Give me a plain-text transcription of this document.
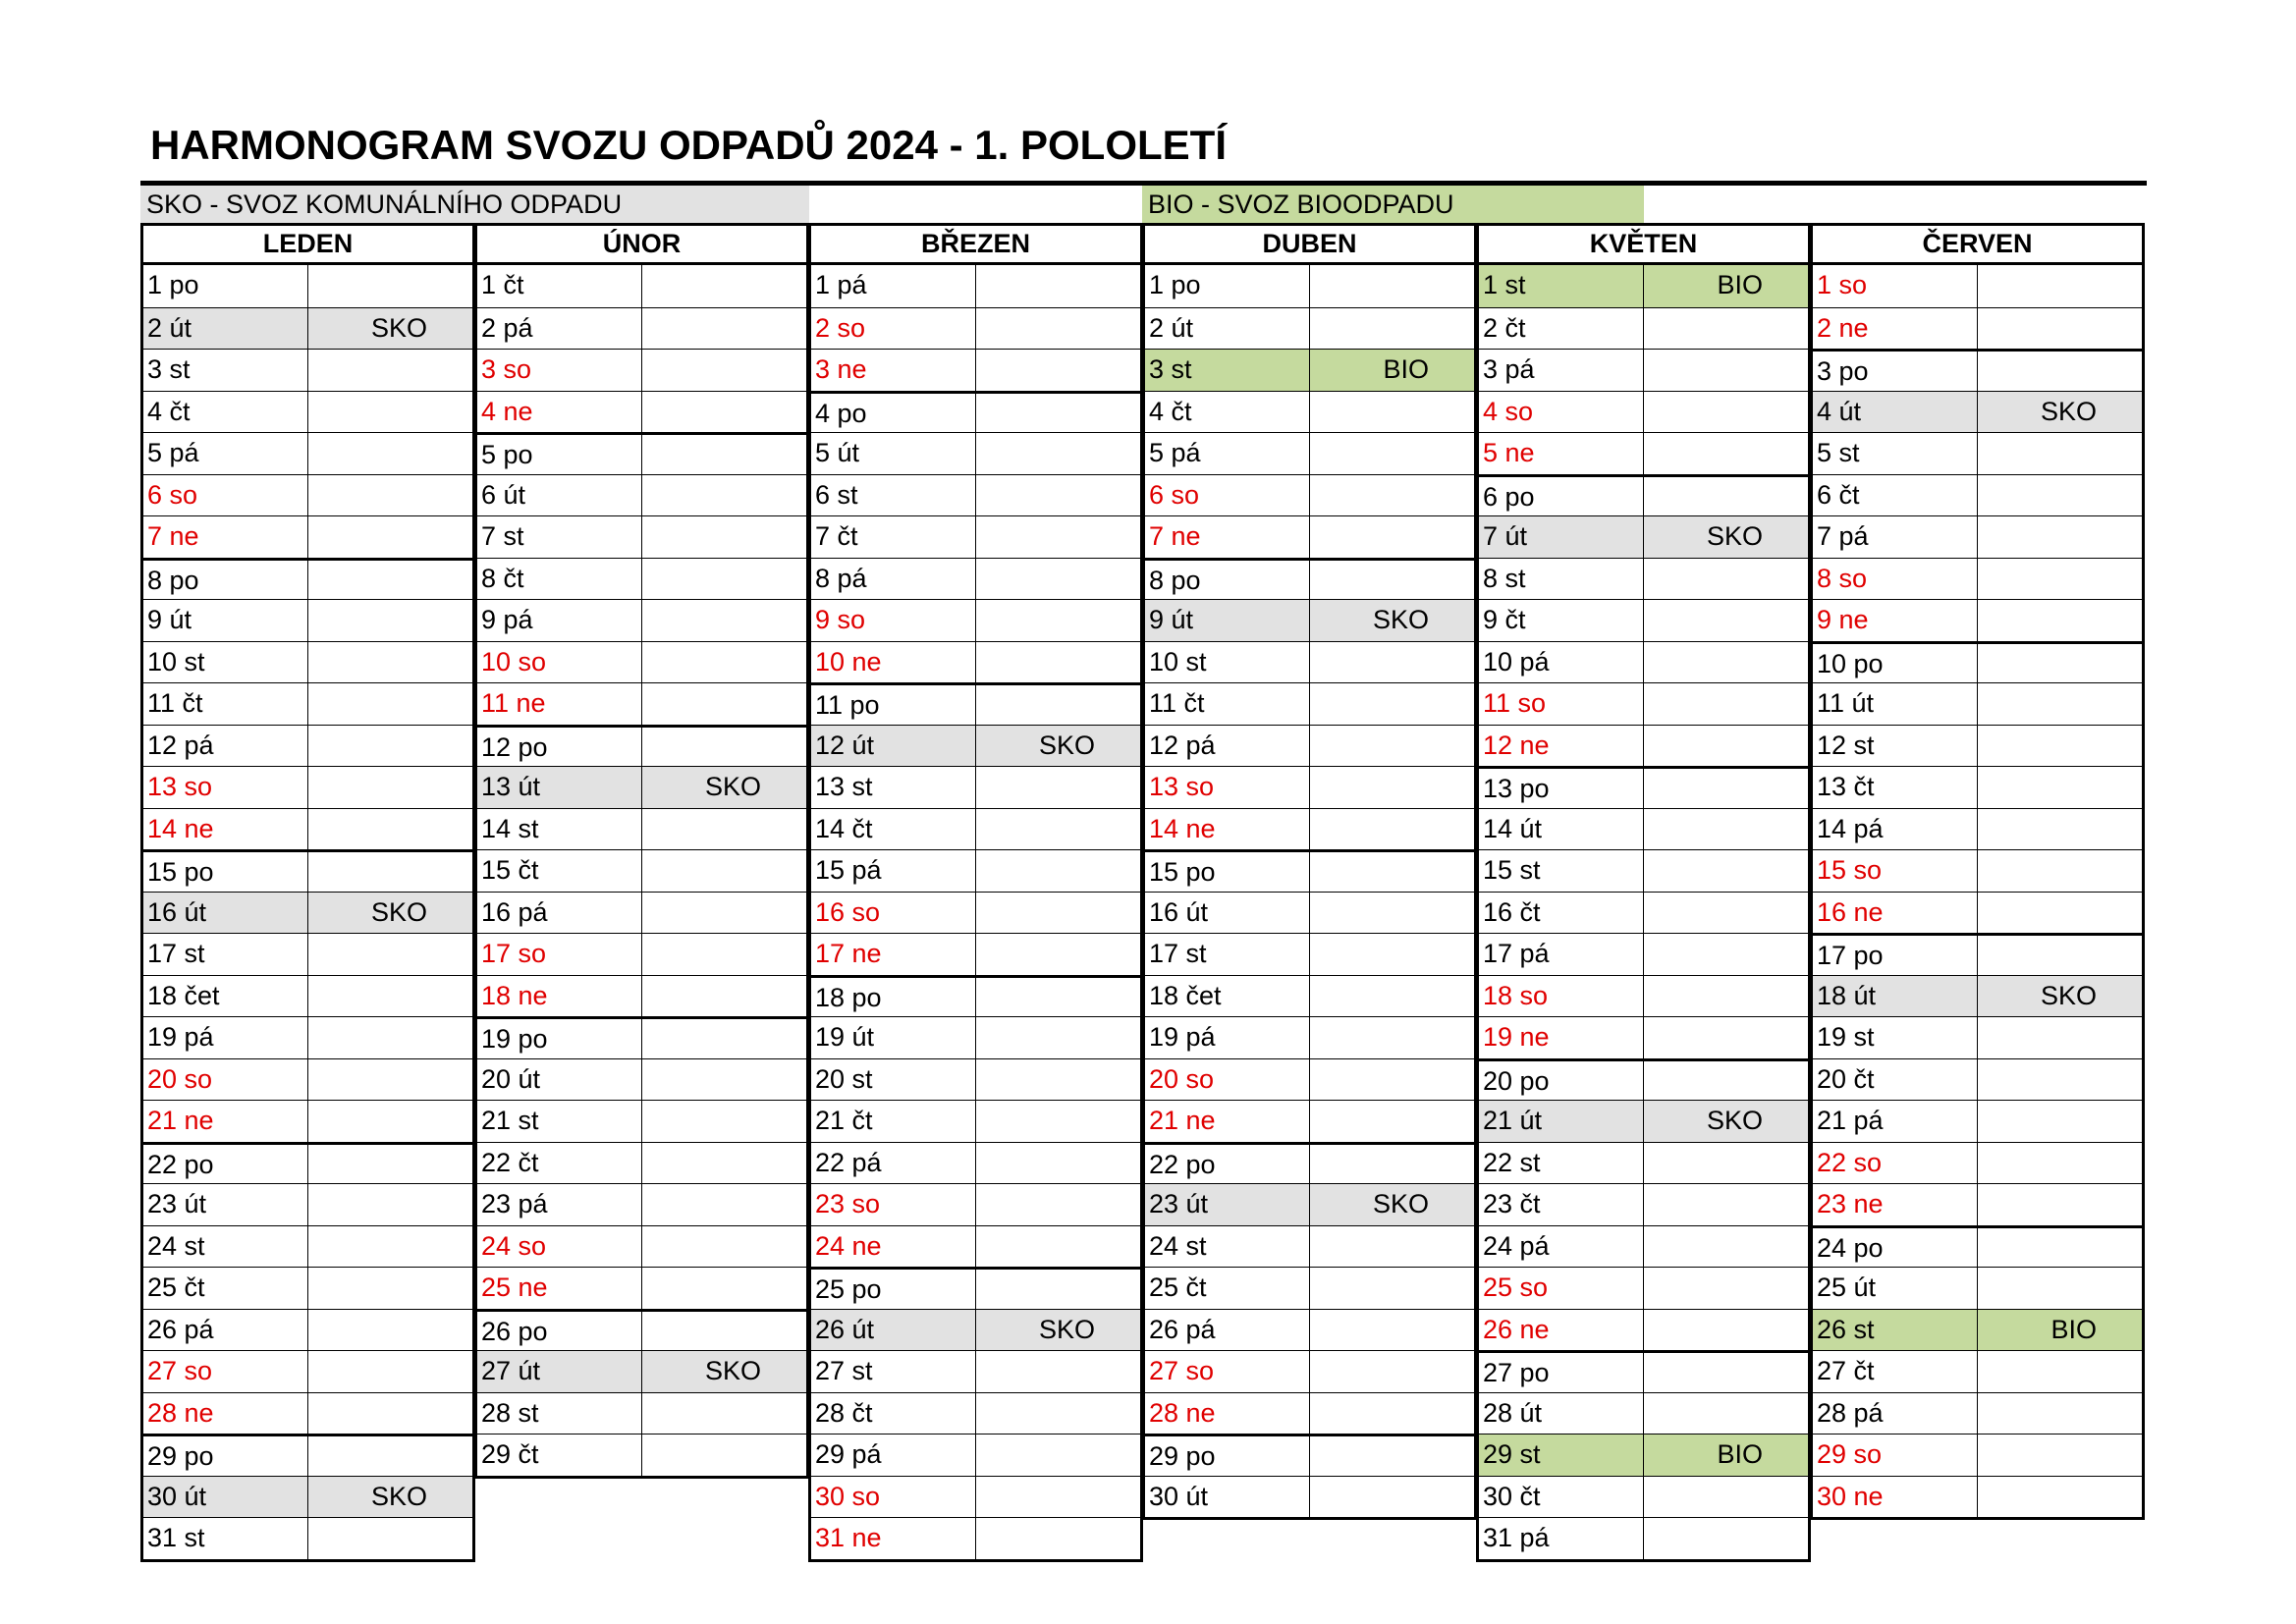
HARMONOGRAM SVOZU ODPADŮ 2024 - 1. POLOLETÍ
SKO - SVOZ KOMUNÁLNÍHO ODPADU	BIO - SVOZ BIOODPADU
LEDEN
1 po
2 út	SKO
3 st
4 čt
5 pá
6 so
7 ne
8 po
9 út
10 st
11 čt
12 pá
13 so
14 ne
15 po
16 út	SKO
17 st
18 čet
19 pá
20 so
21 ne
22 po
23 út
24 st
25 čt
26 pá
27 so
28 ne
29 po
30 út	SKO
31 st
ÚNOR
1 čt
2 pá
3 so
4 ne
5 po
6 út
7 st
8 čt
9 pá
10 so
11 ne
12 po
13 út	SKO
14 st
15 čt
16 pá
17 so
18 ne
19 po
20 út
21 st
22 čt
23 pá
24 so
25 ne
26 po
27 út	SKO
28 st
29 čt
BŘEZEN
1 pá
2 so
3 ne
4 po
5 út
6 st
7 čt
8 pá
9 so
10 ne
11 po
12 út	SKO
13 st
14 čt
15 pá
16 so
17 ne
18 po
19 út
20 st
21 čt
22 pá
23 so
24 ne
25 po
26 út	SKO
27 st
28 čt
29 pá
30 so
31 ne
DUBEN
1 po
2 út
3 st	BIO
4 čt
5 pá
6 so
7 ne
8 po
9 út	SKO
10 st
11 čt
12 pá
13 so
14 ne
15 po
16 út
17 st
18 čet
19 pá
20 so
21 ne
22 po
23 út	SKO
24 st
25 čt
26 pá
27 so
28 ne
29 po
30 út
KVĚTEN
1 st	BIO
2 čt
3 pá
4 so
5 ne
6 po
7 út	SKO
8 st
9 čt
10 pá
11 so
12 ne
13 po
14 út
15 st
16 čt
17 pá
18 so
19 ne
20 po
21 út	SKO
22 st
23 čt
24 pá
25 so
26 ne
27 po
28 út
29 st	BIO
30 čt
31 pá
ČERVEN
1 so
2 ne
3 po
4 út	SKO
5 st
6 čt
7 pá
8 so
9 ne
10 po
11 út
12 st
13 čt
14 pá
15 so
16 ne
17 po
18 út	SKO
19 st
20 čt
21 pá
22 so
23 ne
24 po
25 út
26 st	BIO
27 čt
28 pá
29 so
30 ne
